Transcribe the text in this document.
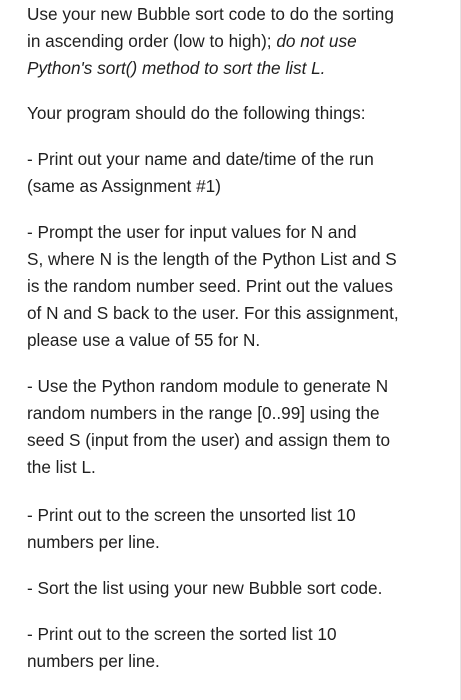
Use your new Bubble sort code to do the sorting
in ascending order (low to high); do not use
Python's sort() method to sort the list L.

Your program should do the following things:

- Print out your name and date/time of the run
(same as Assignment #1)

- Prompt the user for input values for N and
S, where N is the length of the Python List and S
is the random number seed. Print out the values
of N and S back to the user. For this assignment,
please use a value of 55 for N.

- Use the Python random module to generate N
random numbers in the range [0..99] using the
seed S (input from the user) and assign them to
the list L.

- Print out to the screen the unsorted list 10
numbers per line.

- Sort the list using your new Bubble sort code.

- Print out to the screen the sorted list 10
numbers per line.
